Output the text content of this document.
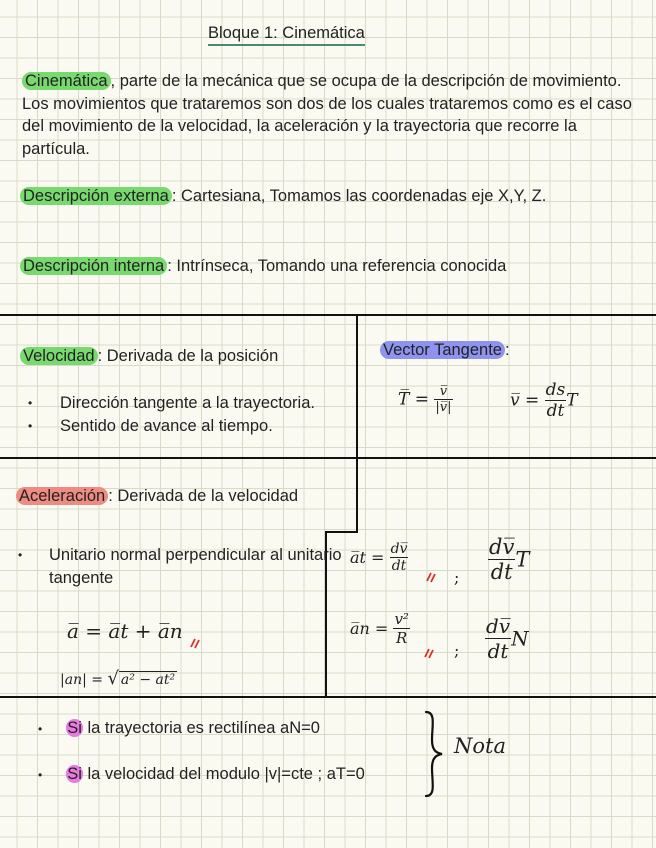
Bloque 1: Cinemática
Cinemática , parte de la mecánica que se ocupa de la descripción de movimiento. Los movimientos que trataremos son dos de los cuales trataremos como es el caso del movimiento de la velocidad, la aceleración y la trayectoria que recorre la partícula.
Descripción externa : Cartesiana, Tomamos las coordenadas eje X,Y, Z.
Descripción interna : Intrínseca, Tomando una referencia conocida
Velocidad : Derivada de la posición
• Dirección tangente a la trayectoria.
• Sentido de avance al tiempo.
Vector Tangente :
T̅ = $\frac{v̅}{|v̅|}$	v̅ = $\frac{ds}{dt}$ T
Aceleración : Derivada de la velocidad
• Unitario normal perpendicular al unitario tangente
a̅ = a̅t + a̅n
|an| = √ a² − at²
a̅t = $\frac{dv̅}{dt}$
; $\frac{dv̅}{dt}$ T
a̅n = $\frac{\text{v²}}{R}$
; $\frac{dv̅}{dt}$ N
• Si la trayectoria es rectilínea aN=0
• Si la velocidad del modulo |v|=cte ; aT=0
Nota
